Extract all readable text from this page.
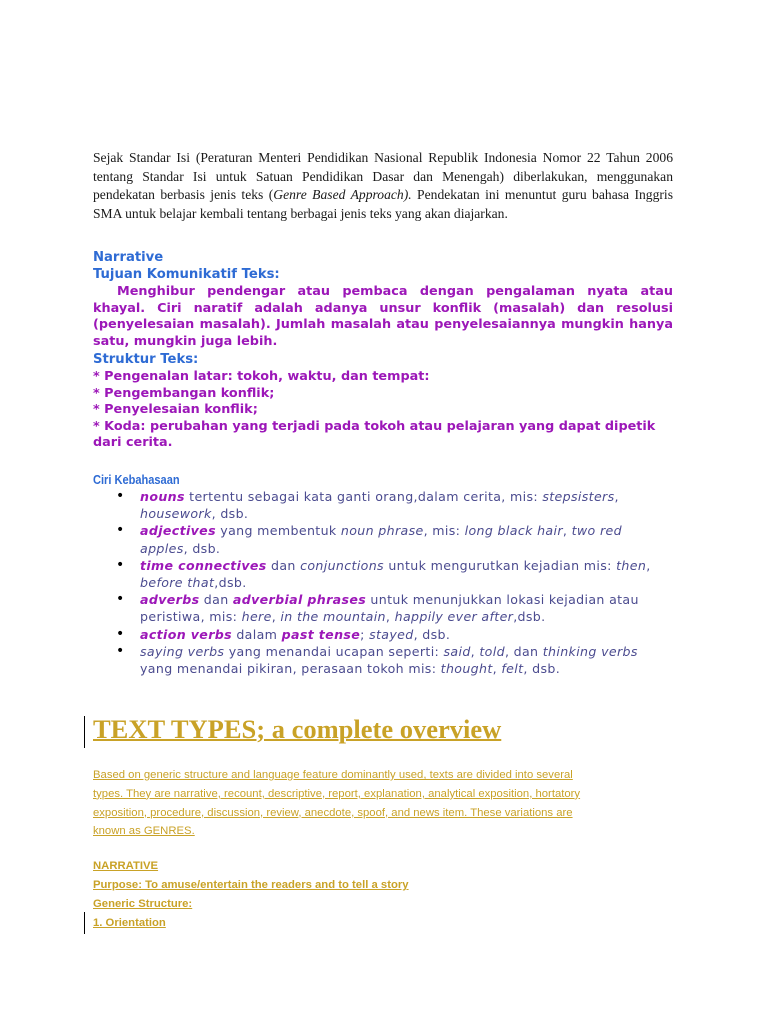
Sejak Standar Isi (Peraturan Menteri Pendidikan Nasional Republik Indonesia Nomor 22 Tahun 2006 tentang Standar Isi untuk Satuan Pendidikan Dasar dan Menengah) diberlakukan, menggunakan pendekatan berbasis jenis teks (Genre Based Approach). Pendekatan ini menuntut guru bahasa Inggris SMA untuk belajar kembali tentang berbagai jenis teks yang akan diajarkan.

Narrative
Tujuan Komunikatif Teks:

Menghibur pendengar atau pembaca dengan pengalaman nyata atau khayal. Ciri naratif adalah adanya unsur konflik (masalah) dan resolusi (penyelesaian masalah). Jumlah masalah atau penyelesaiannya mungkin hanya satu, mungkin juga lebih.

Struktur Teks:
* Pengenalan latar: tokoh, waktu, dan tempat:
* Pengembangan konflik;
* Penyelesaian konflik;
* Koda: perubahan yang terjadi pada tokoh atau pelajaran yang dapat dipetik dari cerita.
Ciri Kebahasaan
• nouns tertentu sebagai kata ganti orang,dalam cerita, mis: stepsisters, housework, dsb.
• adjectives yang membentuk noun phrase, mis: long black hair, two red apples, dsb.
• time connectives dan conjunctions untuk mengurutkan kejadian mis: then, before that,dsb.
• adverbs dan adverbial phrases untuk menunjukkan lokasi kejadian atau peristiwa, mis: here, in the mountain, happily ever after,dsb.
• action verbs dalam past tense; stayed, dsb.
• saying verbs yang menandai ucapan seperti: said, told, dan thinking verbs yang menandai pikiran, perasaan tokoh mis: thought, felt, dsb.
TEXT TYPES; a complete overview
Based on generic structure and language feature dominantly used, texts are divided into several
types. They are narrative, recount, descriptive, report, explanation, analytical exposition, hortatory
exposition, procedure, discussion, review, anecdote, spoof, and news item. These variations are
known as GENRES.
NARRATIVE
Purpose: To amuse/entertain the readers and to tell a story
Generic Structure:
1. Orientation
